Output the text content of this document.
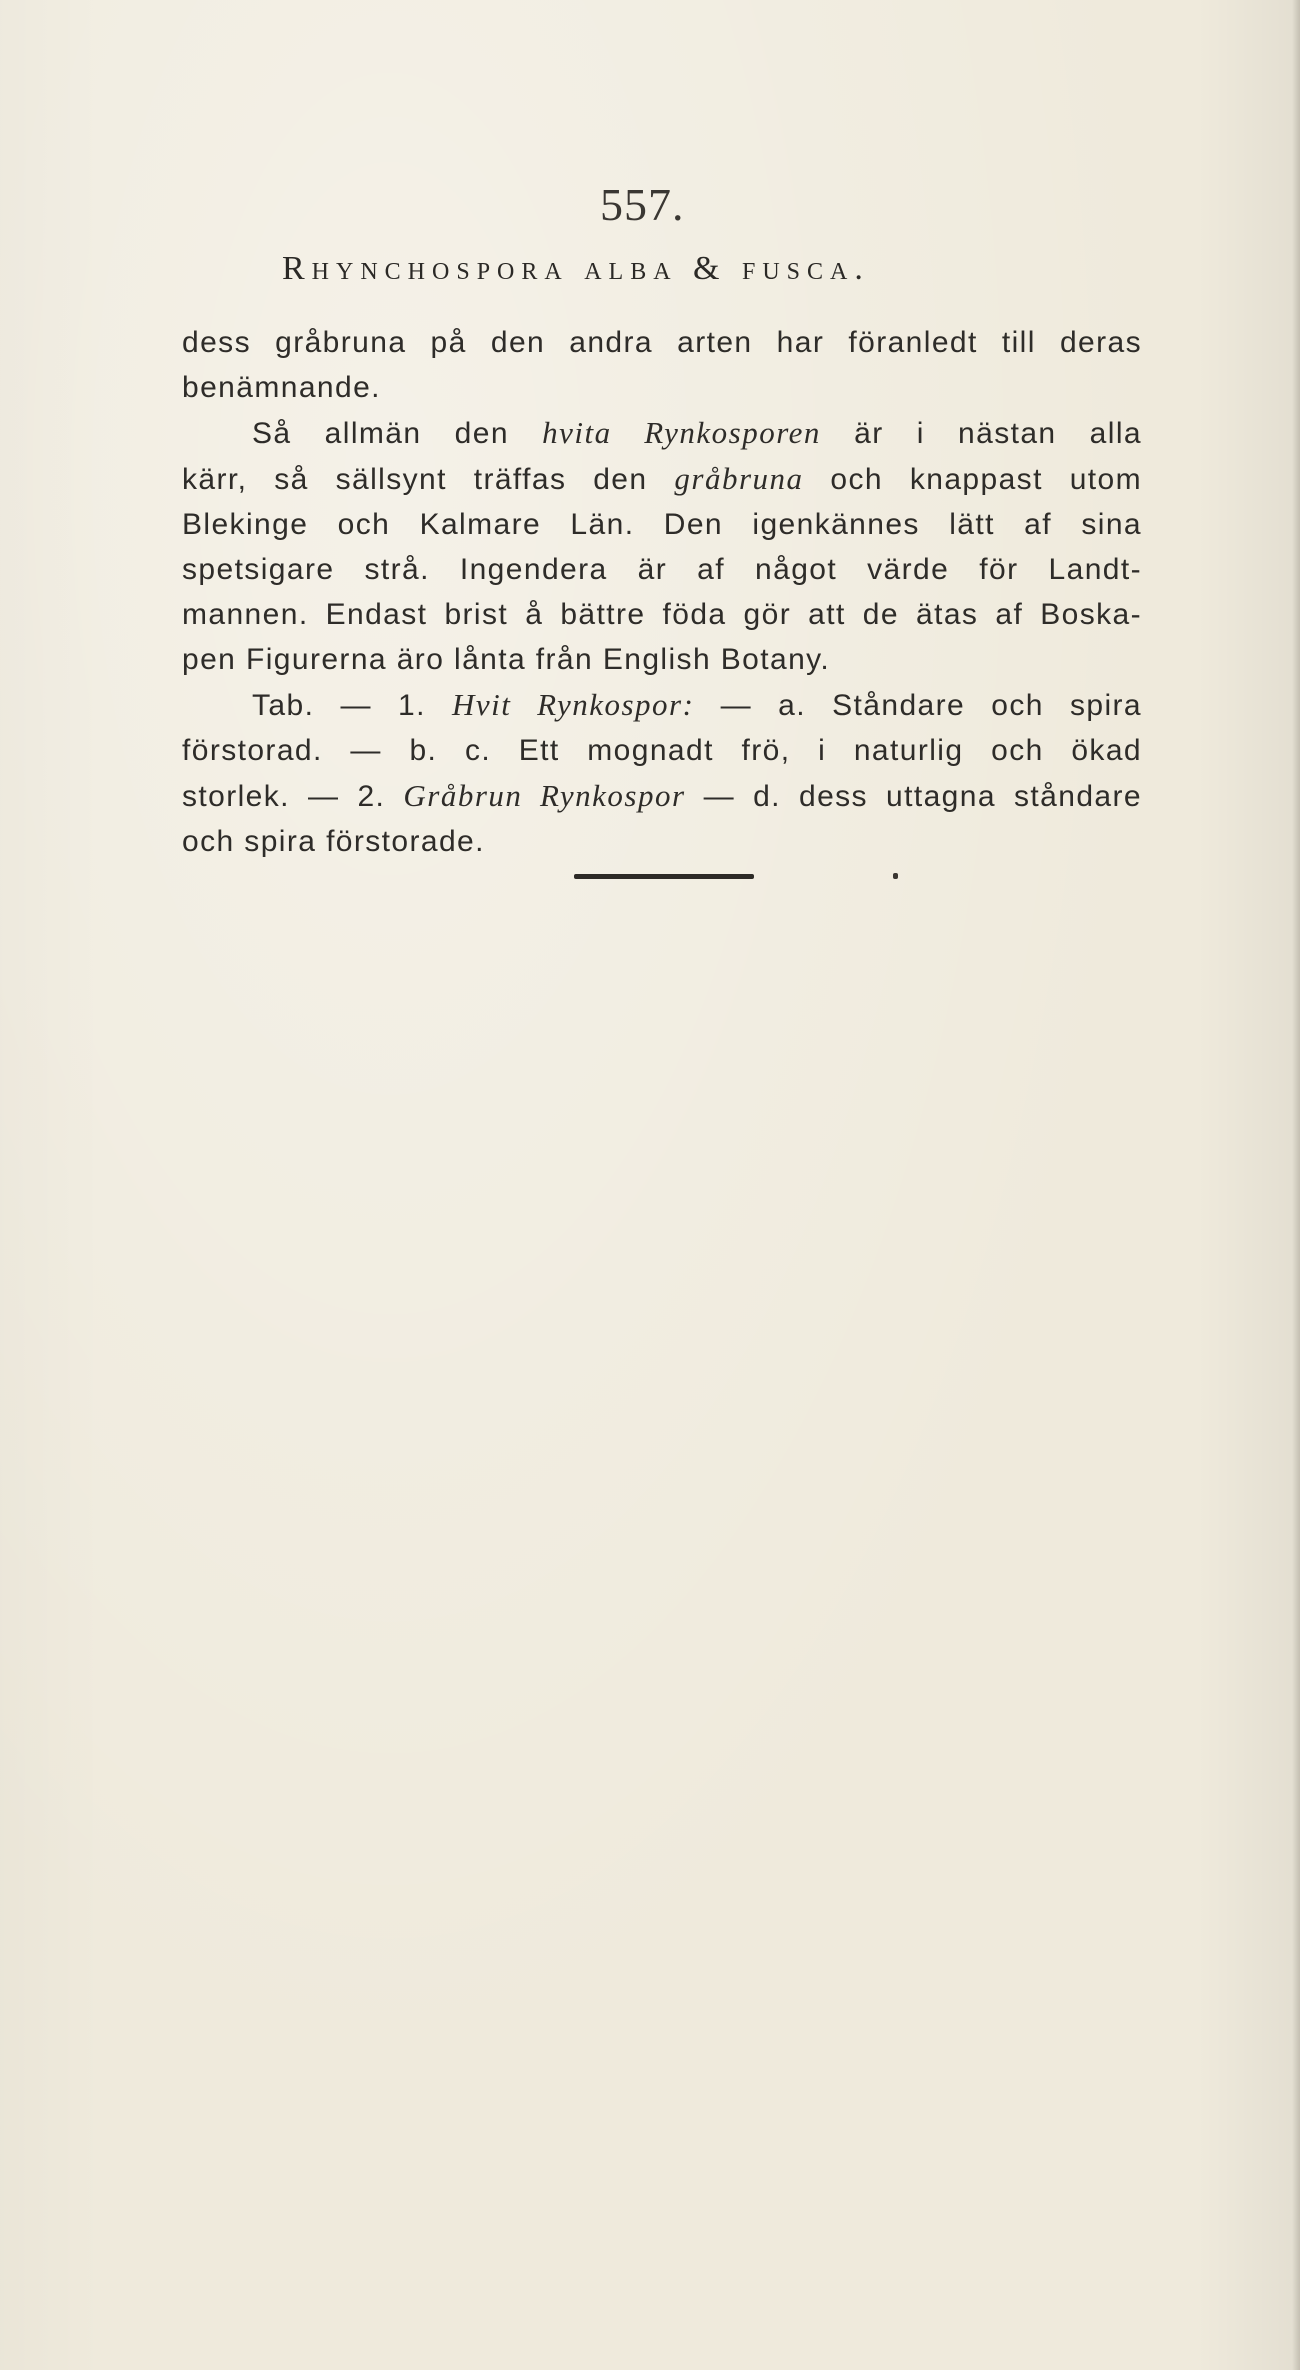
557.
Rhynchospora alba & fusca.
dess gråbruna på den andra arten har föranledt till deras
benämnande.
Så allmän den hvita Rynkosporen är i nästan alla
kärr, så sällsynt träffas den gråbruna och knappast utom
Blekinge och Kalmare Län. Den igenkännes lätt af sina
spetsigare strå. Ingendera är af något värde för Landt-
mannen. Endast brist å bättre föda gör att de ätas af Boska-
pen Figurerna äro lånta från English Botany.
Tab. — 1. Hvit Rynkospor: — a. Ståndare och spira
förstorad. — b. c. Ett mognadt frö, i naturlig och ökad
storlek. — 2. Gråbrun Rynkospor — d. dess uttagna ståndare
och spira förstorade.
